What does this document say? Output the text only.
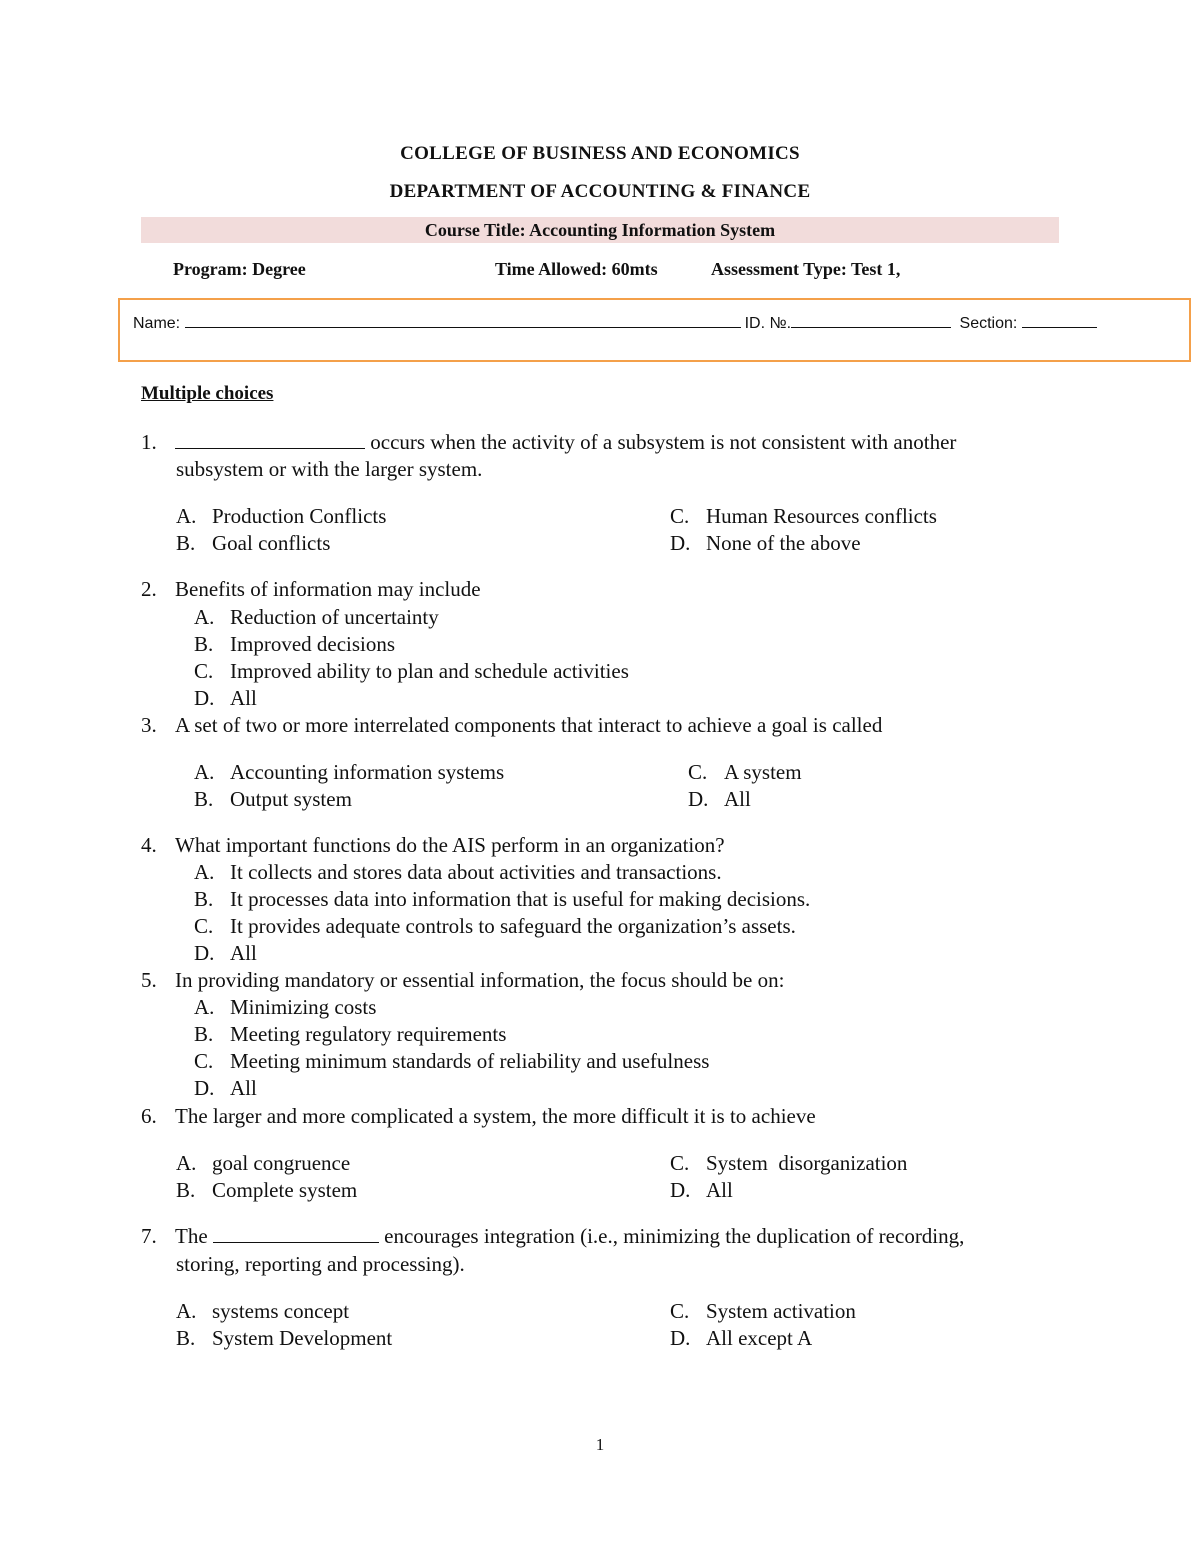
COLLEGE OF BUSINESS AND ECONOMICS
DEPARTMENT OF ACCOUNTING & FINANCE
Course Title: Accounting Information System
Program: Degree	Time Allowed: 60mts	Assessment Type: Test 1,
Name:	ID. №.	Section:
Multiple choices
1.	occurs when the activity of a subsystem is not consistent with another
subsystem or with the larger system.
A. Production Conflicts
B. Goal conflicts
C. Human Resources conflicts
D. None of the above
2. Benefits of information may include
A. Reduction of uncertainty
B. Improved decisions
C. Improved ability to plan and schedule activities
D. All
3. A set of two or more interrelated components that interact to achieve a goal is called
A. Accounting information systems
B. Output system
C. A system
D. All
4. What important functions do the AIS perform in an organization?
A. It collects and stores data about activities and transactions.
B. It processes data into information that is useful for making decisions.
C. It provides adequate controls to safeguard the organization’s assets.
D. All
5. In providing mandatory or essential information, the focus should be on:
A. Minimizing costs
B. Meeting regulatory requirements
C. Meeting minimum standards of reliability and usefulness
D. All
6. The larger and more complicated a system, the more difficult it is to achieve
A. goal congruence
B. Complete system
C. System  disorganization
D. All
7. The	encourages integration (i.e., minimizing the duplication of recording,
storing, reporting and processing).
A. systems concept
B. System Development
C. System activation
D. All except A
1
